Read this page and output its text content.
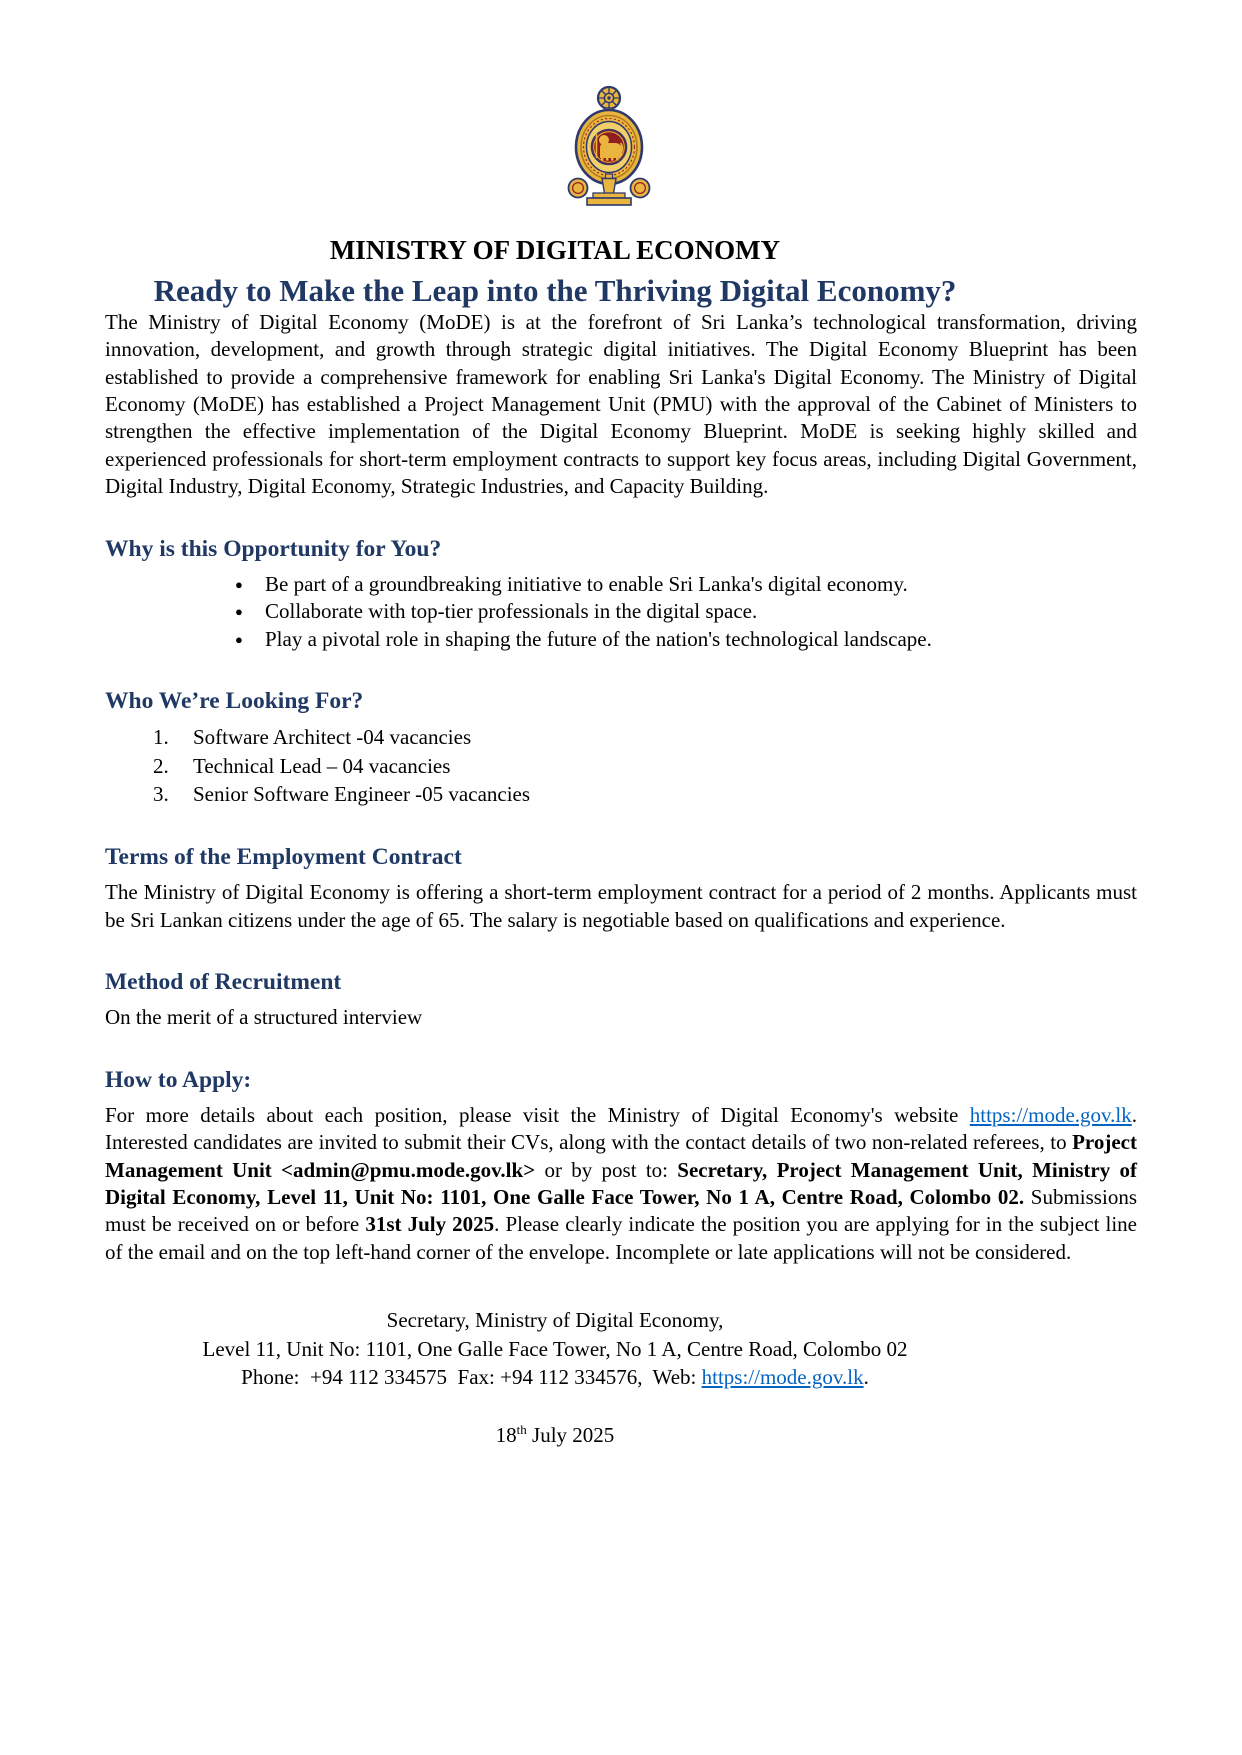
MINISTRY OF DIGITAL ECONOMY
Ready to Make the Leap into the Thriving Digital Economy?

The Ministry of Digital Economy (MoDE) is at the forefront of Sri Lanka’s technological transformation, driving innovation, development, and growth through strategic digital initiatives. The Digital Economy Blueprint has been established to provide a comprehensive framework for enabling Sri Lanka's Digital Economy. The Ministry of Digital Economy (MoDE) has established a Project Management Unit (PMU) with the approval of the Cabinet of Ministers to strengthen the effective implementation of the Digital Economy Blueprint. MoDE is seeking highly skilled and experienced professionals for short-term employment contracts to support key focus areas, including Digital Government, Digital Industry, Digital Economy, Strategic Industries, and Capacity Building.

Why is this Opportunity for You?
●	Be part of a groundbreaking initiative to enable Sri Lanka's digital economy.
●	Collaborate with top-tier professionals in the digital space.
●	Play a pivotal role in shaping the future of the nation's technological landscape.
Who We’re Looking For?
1.	Software Architect -04 vacancies
2.	Technical Lead – 04 vacancies
3.	Senior Software Engineer -05 vacancies
Terms of the Employment Contract

The Ministry of Digital Economy is offering a short-term employment contract for a period of 2 months. Applicants must be Sri Lankan citizens under the age of 65. The salary is negotiable based on qualifications and experience.

Method of Recruitment

On the merit of a structured interview

How to Apply:

For more details about each position, please visit the Ministry of Digital Economy's website https://mode.gov.lk. Interested candidates are invited to submit their CVs, along with the contact details of two non-related referees, to Project Management Unit <admin@pmu.mode.gov.lk> or by post to: Secretary, Project Management Unit, Ministry of Digital Economy, Level 11, Unit No: 1101, One Galle Face Tower, No 1 A, Centre Road, Colombo 02. Submissions must be received on or before 31st July 2025. Please clearly indicate the position you are applying for in the subject line of the email and on the top left-hand corner of the envelope. Incomplete or late applications will not be considered.

Secretary, Ministry of Digital Economy,
Level 11, Unit No: 1101, One Galle Face Tower, No 1 A, Centre Road, Colombo 02
Phone:  +94 112 334575  Fax: +94 112 334576,  Web: https://mode.gov.lk.
18th July 2025
